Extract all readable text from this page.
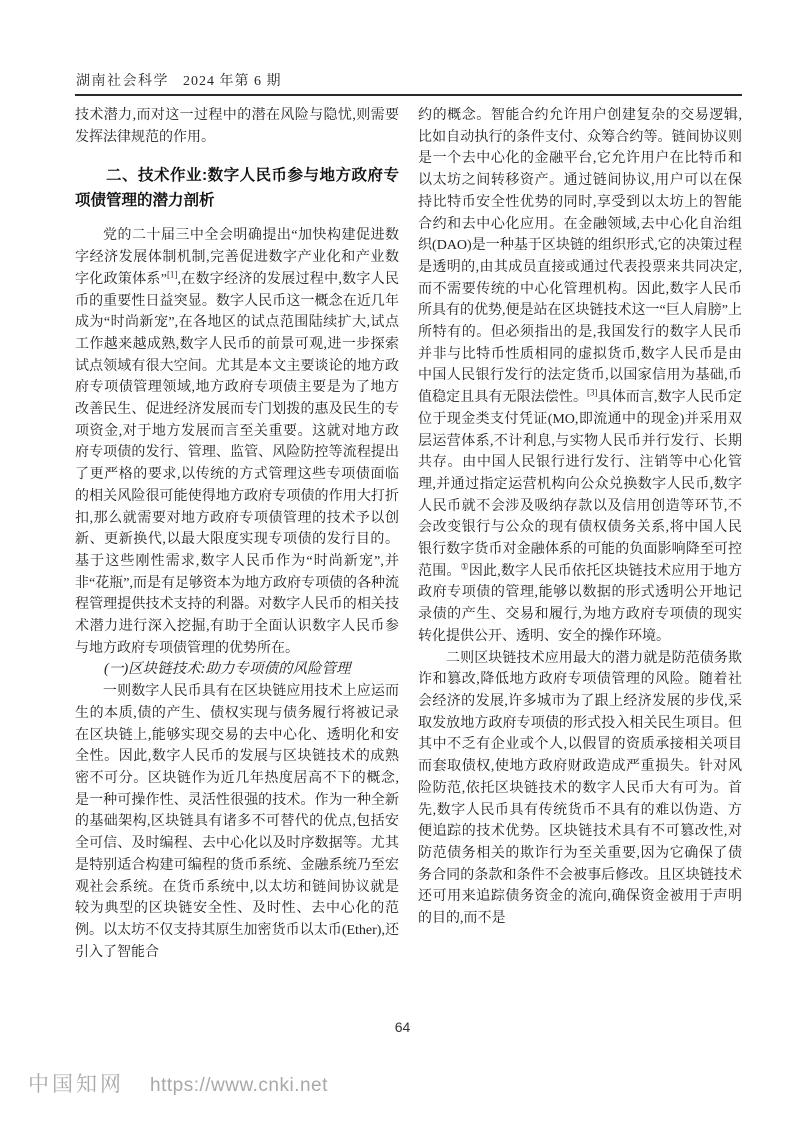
湖南社会科学 2024 年第 6 期

技术潜力,而对这一过程中的潜在风险与隐忧,则需要发挥法律规范的作用。

二、技术作业:数字人民币参与地方政府专项债管理的潜力剖析

党的二十届三中全会明确提出“加快构建促进数字经济发展体制机制,完善促进数字产业化和产业数字化政策体系”[1],在数字经济的发展过程中,数字人民币的重要性日益突显。数字人民币这一概念在近几年成为“时尚新宠”,在各地区的试点范围陆续扩大,试点工作越来越成熟,数字人民币的前景可观,进一步探索试点领域有很大空间。尤其是本文主要谈论的地方政府专项债管理领域,地方政府专项债主要是为了地方改善民生、促进经济发展而专门划拨的惠及民生的专项资金,对于地方发展而言至关重要。这就对地方政府专项债的发行、管理、监管、风险防控等流程提出了更严格的要求,以传统的方式管理这些专项债面临的相关风险很可能使得地方政府专项债的作用大打折扣,那么就需要对地方政府专项债管理的技术予以创新、更新换代,以最大限度实现专项债的发行目的。基于这些刚性需求,数字人民币作为“时尚新宠”,并非“花瓶”,而是有足够资本为地方政府专项债的各种流程管理提供技术支持的利器。对数字人民币的相关技术潜力进行深入挖掘,有助于全面认识数字人民币参与地方政府专项债管理的优势所在。

(一)区块链技术:助力专项债的风险管理

一则数字人民币具有在区块链应用技术上应运而生的本质,债的产生、债权实现与债务履行将被记录在区块链上,能够实现交易的去中心化、透明化和安全性。因此,数字人民币的发展与区块链技术的成熟密不可分。区块链作为近几年热度居高不下的概念,是一种可操作性、灵活性很强的技术。作为一种全新的基础架构,区块链具有诸多不可替代的优点,包括安全可信、及时编程、去中心化以及时序数据等。尤其是特别适合构建可编程的货币系统、金融系统乃至宏观社会系统。在货币系统中,以太坊和链间协议就是较为典型的区块链安全性、及时性、去中心化的范例。以太坊不仅支持其原生加密货币以太币(Ether),还引入了智能合

约的概念。智能合约允许用户创建复杂的交易逻辑,比如自动执行的条件支付、众筹合约等。链间协议则是一个去中心化的金融平台,它允许用户在比特币和以太坊之间转移资产。通过链间协议,用户可以在保持比特币安全性优势的同时,享受到以太坊上的智能合约和去中心化应用。在金融领域,去中心化自治组织(DAO)是一种基于区块链的组织形式,它的决策过程是透明的,由其成员直接或通过代表投票来共同决定,而不需要传统的中心化管理机构。因此,数字人民币所具有的优势,便是站在区块链技术这一“巨人肩膀”上所特有的。但必须指出的是,我国发行的数字人民币并非与比特币性质相同的虚拟货币,数字人民币是由中国人民银行发行的法定货币,以国家信用为基础,币值稳定且具有无限法偿性。[3]具体而言,数字人民币定位于现金类支付凭证(MO,即流通中的现金)并采用双层运营体系,不计利息,与实物人民币并行发行、长期共存。由中国人民银行进行发行、注销等中心化管理,并通过指定运营机构向公众兑换数字人民币,数字人民币就不会涉及吸纳存款以及信用创造等环节,不会改变银行与公众的现有债权债务关系,将中国人民银行数字货币对金融体系的可能的负面影响降至可控范围。①因此,数字人民币依托区块链技术应用于地方政府专项债的管理,能够以数据的形式透明公开地记录债的产生、交易和履行,为地方政府专项债的现实转化提供公开、透明、安全的操作环境。

二则区块链技术应用最大的潜力就是防范债务欺诈和篡改,降低地方政府专项债管理的风险。随着社会经济的发展,许多城市为了跟上经济发展的步伐,采取发放地方政府专项债的形式投入相关民生项目。但其中不乏有企业或个人,以假冒的资质承接相关项目而套取债权,使地方政府财政造成严重损失。针对风险防范,依托区块链技术的数字人民币大有可为。首先,数字人民币具有传统货币不具有的难以伪造、方便追踪的技术优势。区块链技术具有不可篡改性,对防范债务相关的欺诈行为至关重要,因为它确保了债务合同的条款和条件不会被事后修改。且区块链技术还可用来追踪债务资金的流向,确保资金被用于声明的目的,而不是

64
中国知网 https://www.cnki.net
